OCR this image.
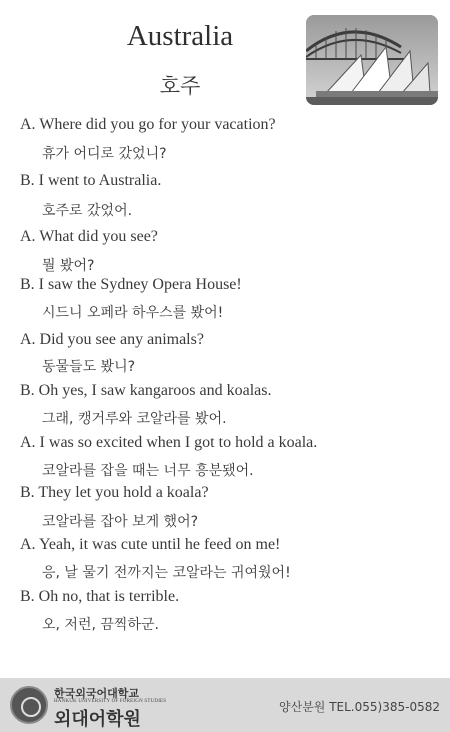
Australia
호주
A. Where did you go for your vacation?
휴가 어디로 갔었니?
B. I went to Australia.
호주로 갔었어.
A. What did you see?
뭘 봤어?
B. I saw the Sydney Opera House!
시드니 오페라 하우스를 봤어!
A. Did you see any animals?
동물들도 봤니?
B. Oh yes, I saw kangaroos and koalas.
그래, 캥거루와 코알라를 봤어.
A. I was so excited when I got to hold a koala.
코알라를 잡을 때는 너무 흥분됐어.
B. They let you hold a koala?
코알라를 잡아 보게 했어?
A. Yeah, it was cute until he feed on me!
응, 날 물기 전까지는 코알라는 귀여웠어!
B. Oh no, that is terrible.
오, 저런, 끔찍하군.
한국외국어대학교
HANKUK UNIVERSITY OF FOREIGN STUDIES
외대어학원
양산분원 TEL.055)385-0582
